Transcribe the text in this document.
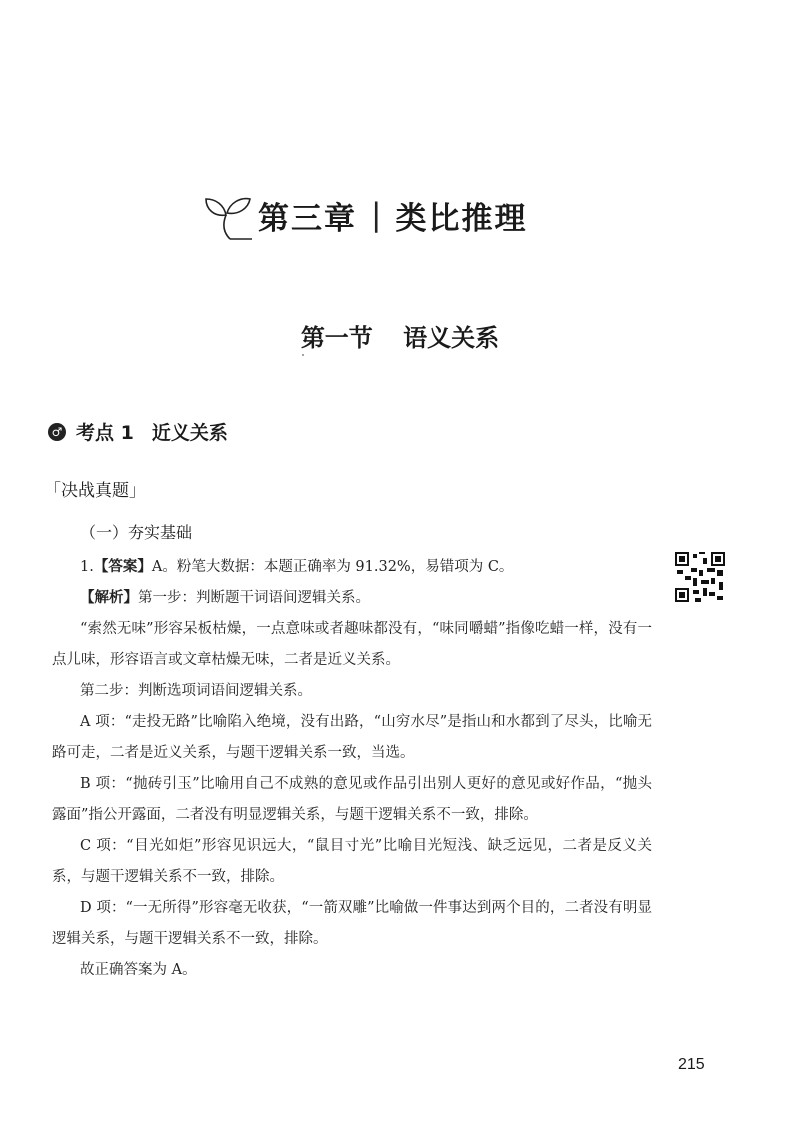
第三章 | 类比推理
第一节 语义关系
♂ 考点 1 近义关系
「决战真题」
（一）夯实基础

1.【答案】A。粉笔大数据：本题正确率为 91.32%，易错项为 C。

【解析】第一步：判断题干词语间逻辑关系。

“索然无味”形容呆板枯燥，一点意味或者趣味都没有，“味同嚼蜡”指像吃蜡一样，没有一点儿味，形容语言或文章枯燥无味，二者是近义关系。

第二步：判断选项词语间逻辑关系。

A 项：“走投无路”比喻陷入绝境，没有出路，“山穷水尽”是指山和水都到了尽头，比喻无路可走，二者是近义关系，与题干逻辑关系一致，当选。

B 项：“抛砖引玉”比喻用自己不成熟的意见或作品引出别人更好的意见或好作品，“抛头露面”指公开露面，二者没有明显逻辑关系，与题干逻辑关系不一致，排除。

C 项：“目光如炬”形容见识远大，“鼠目寸光”比喻目光短浅、缺乏远见，二者是反义关系，与题干逻辑关系不一致，排除。

D 项：“一无所得”形容毫无收获，“一箭双雕”比喻做一件事达到两个目的，二者没有明显逻辑关系，与题干逻辑关系不一致，排除。

故正确答案为 A。

215
